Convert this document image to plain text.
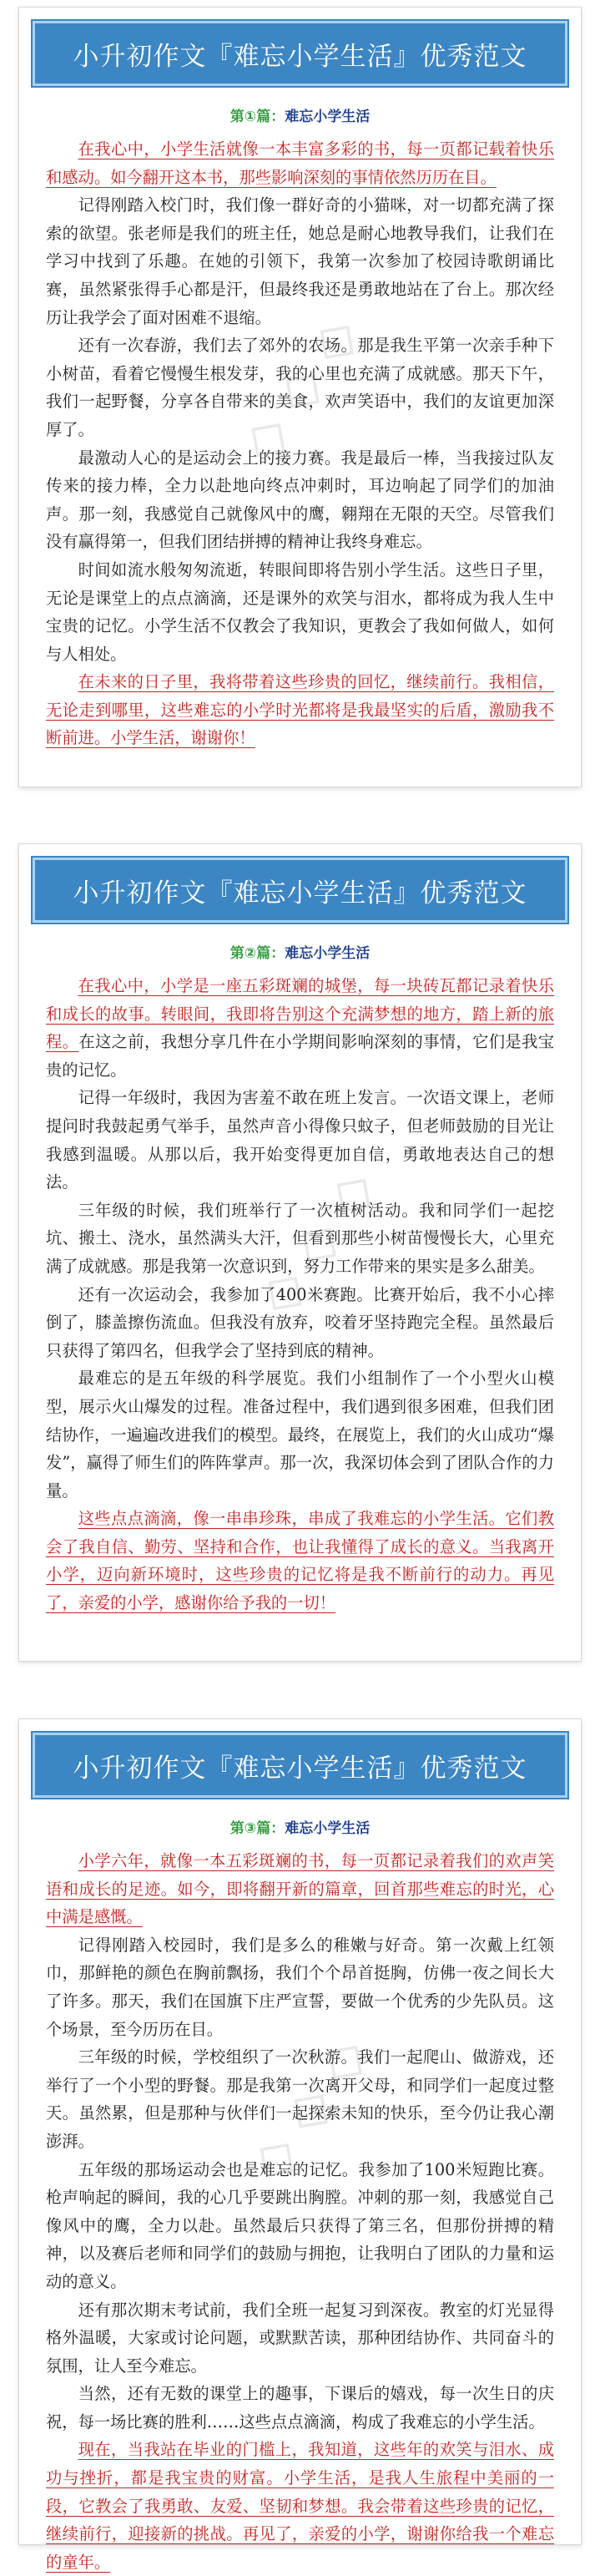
小升初作文『难忘小学生活』优秀范文
第①篇：难忘小学生活

在我心中，小学生活就像一本丰富多彩的书，每一页都记载着快乐和感动。如今翻开这本书，那些影响深刻的事情依然历历在目。

记得刚踏入校门时，我们像一群好奇的小猫咪，对一切都充满了探索的欲望。张老师是我们的班主任，她总是耐心地教导我们，让我们在学习中找到了乐趣。在她的引领下，我第一次参加了校园诗歌朗诵比赛，虽然紧张得手心都是汗，但最终我还是勇敢地站在了台上。那次经历让我学会了面对困难不退缩。

还有一次春游，我们去了郊外的农场。那是我生平第一次亲手种下小树苗，看着它慢慢生根发芽，我的心里也充满了成就感。那天下午，我们一起野餐，分享各自带来的美食，欢声笑语中，我们的友谊更加深厚了。

最激动人心的是运动会上的接力赛。我是最后一棒，当我接过队友传来的接力棒，全力以赴地向终点冲刺时，耳边响起了同学们的加油声。那一刻，我感觉自己就像风中的鹰，翱翔在无限的天空。尽管我们没有赢得第一，但我们团结拼搏的精神让我终身难忘。

时间如流水般匆匆流逝，转眼间即将告别小学生活。这些日子里，无论是课堂上的点点滴滴，还是课外的欢笑与泪水，都将成为我人生中宝贵的记忆。小学生活不仅教会了我知识，更教会了我如何做人，如何与人相处。

在未来的日子里，我将带着这些珍贵的回忆，继续前行。我相信，无论走到哪里，这些难忘的小学时光都将是我最坚实的后盾，激励我不断前进。小学生活，谢谢你！

◇ ◇ ◇
小升初作文『难忘小学生活』优秀范文
第②篇：难忘小学生活

在我心中，小学是一座五彩斑斓的城堡，每一块砖瓦都记录着快乐和成长的故事。转眼间，我即将告别这个充满梦想的地方，踏上新的旅程。在这之前，我想分享几件在小学期间影响深刻的事情，它们是我宝贵的记忆。

记得一年级时，我因为害羞不敢在班上发言。一次语文课上，老师提问时我鼓起勇气举手，虽然声音小得像只蚊子，但老师鼓励的目光让我感到温暖。从那以后，我开始变得更加自信，勇敢地表达自己的想法。

三年级的时候，我们班举行了一次植树活动。我和同学们一起挖坑、搬土、浇水，虽然满头大汗，但看到那些小树苗慢慢长大，心里充满了成就感。那是我第一次意识到，努力工作带来的果实是多么甜美。

还有一次运动会，我参加了400米赛跑。比赛开始后，我不小心摔倒了，膝盖擦伤流血。但我没有放弃，咬着牙坚持跑完全程。虽然最后只获得了第四名，但我学会了坚持到底的精神。

最难忘的是五年级的科学展览。我们小组制作了一个小型火山模型，展示火山爆发的过程。准备过程中，我们遇到很多困难，但我们团结协作，一遍遍改进我们的模型。最终，在展览上，我们的火山成功“爆发”，赢得了师生们的阵阵掌声。那一次，我深切体会到了团队合作的力量。

这些点点滴滴，像一串串珍珠，串成了我难忘的小学生活。它们教会了我自信、勤劳、坚持和合作，也让我懂得了成长的意义。当我离开小学，迈向新环境时，这些珍贵的记忆将是我不断前行的动力。再见了，亲爱的小学，感谢你给予我的一切！

◇ ◇ ◇
小升初作文『难忘小学生活』优秀范文
第③篇：难忘小学生活

小学六年，就像一本五彩斑斓的书，每一页都记录着我们的欢声笑语和成长的足迹。如今，即将翻开新的篇章，回首那些难忘的时光，心中满是感慨。

记得刚踏入校园时，我们是多么的稚嫩与好奇。第一次戴上红领巾，那鲜艳的颜色在胸前飘扬，我们个个昂首挺胸，仿佛一夜之间长大了许多。那天，我们在国旗下庄严宣誓，要做一个优秀的少先队员。这个场景，至今历历在目。

三年级的时候，学校组织了一次秋游。我们一起爬山、做游戏，还举行了一个小型的野餐。那是我第一次离开父母，和同学们一起度过整天。虽然累，但是那种与伙伴们一起探索未知的快乐，至今仍让我心潮澎湃。

五年级的那场运动会也是难忘的记忆。我参加了100米短跑比赛。枪声响起的瞬间，我的心几乎要跳出胸膛。冲刺的那一刻，我感觉自己像风中的鹰，全力以赴。虽然最后只获得了第三名，但那份拼搏的精神，以及赛后老师和同学们的鼓励与拥抱，让我明白了团队的力量和运动的意义。

还有那次期末考试前，我们全班一起复习到深夜。教室的灯光显得格外温暖，大家或讨论问题，或默默苦读，那种团结协作、共同奋斗的氛围，让人至今难忘。

当然，还有无数的课堂上的趣事，下课后的嬉戏，每一次生日的庆祝，每一场比赛的胜利……这些点点滴滴，构成了我难忘的小学生活。

现在，当我站在毕业的门槛上，我知道，这些年的欢笑与泪水、成功与挫折，都是我宝贵的财富。小学生活，是我人生旅程中美丽的一段，它教会了我勇敢、友爱、坚韧和梦想。我会带着这些珍贵的记忆，继续前行，迎接新的挑战。再见了，亲爱的小学，谢谢你给我一个难忘的童年。

◇ ◇ ◇
